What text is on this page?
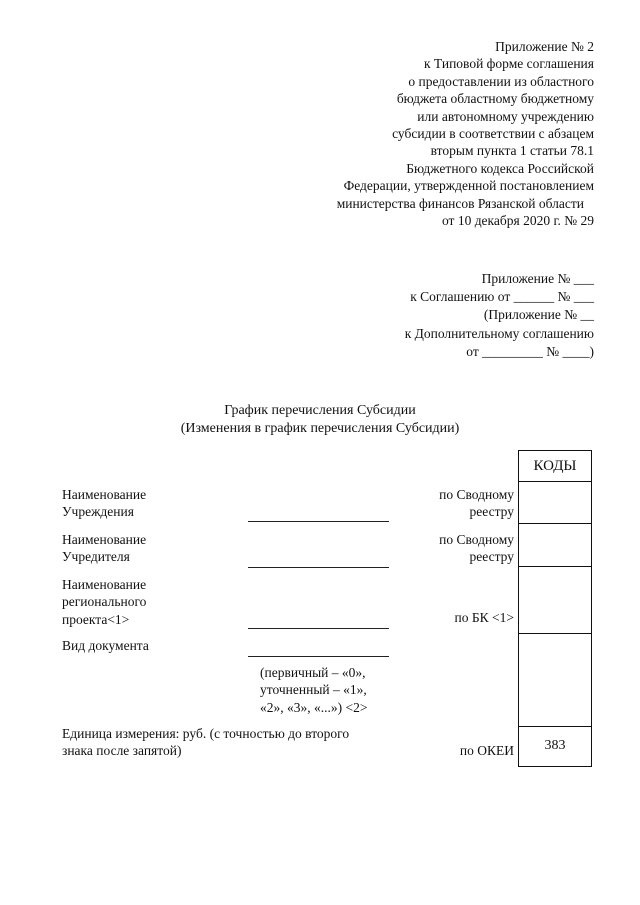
Приложение № 2
к Типовой форме соглашения
о предоставлении из областного
бюджета областному бюджетному
или автономному учреждению
субсидии в соответствии с абзацем
вторым пункта 1 статьи 78.1
Бюджетного кодекса Российской
Федерации, утвержденной постановлением
министерства финансов Рязанской области
от 10 декабря 2020 г. № 29
Приложение № ___
к Соглашению от ______ № ___
(Приложение № __
к Дополнительному соглашению
от _________ № ____)
График перечисления Субсидии
(Изменения в график перечисления Субсидии)
Наименование
Учреждения
Наименование
Учредителя
Наименование
регионального
проекта<1>
Вид документа
(первичный – «0»,
уточненный – «1»,
«2», «3», «...») <2>
Единица измерения: руб. (с точностью до второго
знака после запятой)
по Сводному
реестру
по Сводному
реестру
по БК <1>
по ОКЕИ
КОДЫ
383
